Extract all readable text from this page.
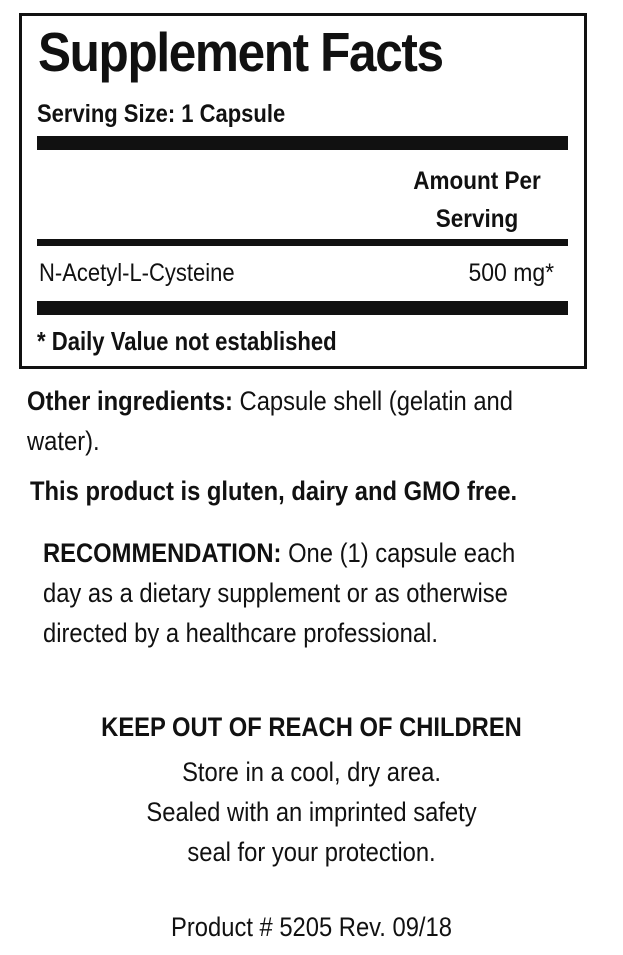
Supplement Facts
Serving Size: 1 Capsule
Amount Per
Serving
N-Acetyl-L-Cysteine	500 mg*
* Daily Value not established
Other ingredients: Capsule shell (gelatin and water).
This product is gluten, dairy and GMO free.
RECOMMENDATION: One (1) capsule each day as a dietary supplement or as otherwise directed by a healthcare professional.
KEEP OUT OF REACH OF CHILDREN
Store in a cool, dry area.
Sealed with an imprinted safety
seal for your protection.
Product # 5205 Rev. 09/18
